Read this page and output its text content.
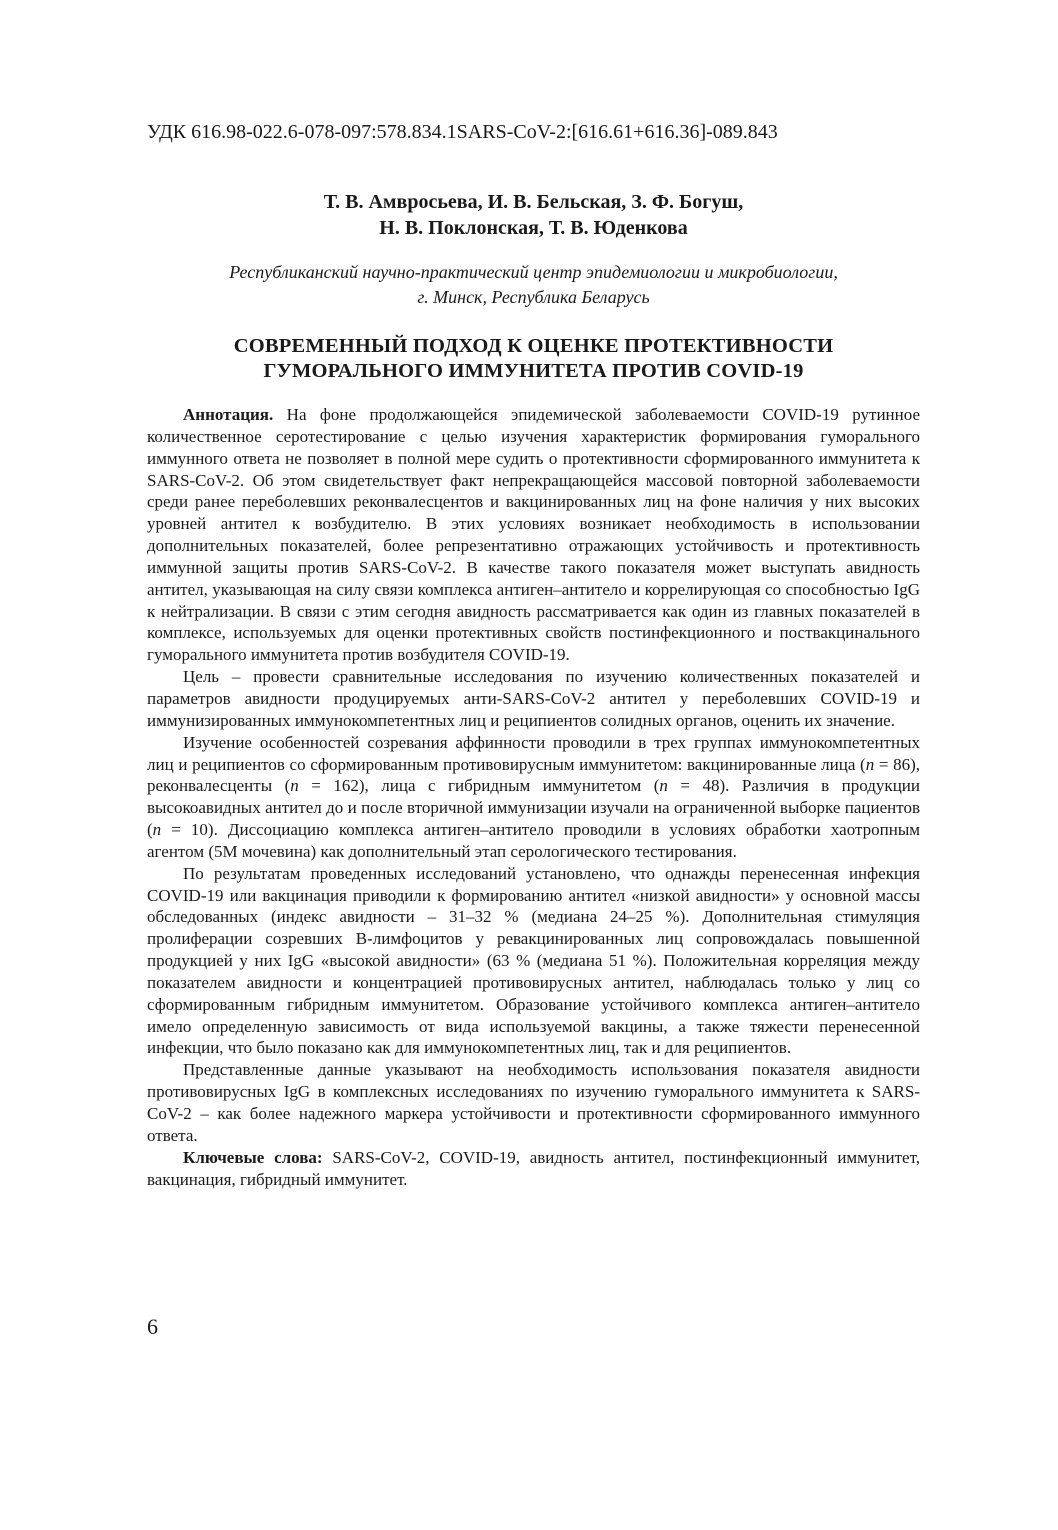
УДК 616.98-022.6-078-097:578.834.1SARS-CoV-2:[616.61+616.36]-089.843
Т. В. Амвросьева, И. В. Бельская, З. Ф. Богуш,
Н. В. Поклонская, Т. В. Юденкова
Республиканский научно-практический центр эпидемиологии и микробиологии,
г. Минск, Республика Беларусь
СОВРЕМЕННЫЙ ПОДХОД К ОЦЕНКЕ ПРОТЕКТИВНОСТИ
ГУМОРАЛЬНОГО ИММУНИТЕТА ПРОТИВ COVID-19

Аннотация. На фоне продолжающейся эпидемической заболеваемости COVID-19 рутинное количественное серотестирование с целью изучения характеристик формирования гуморального иммунного ответа не позволяет в полной мере судить о протективности сформированного иммунитета к SARS-CoV-2. Об этом свидетельствует факт непрекращающейся массовой повторной заболеваемости среди ранее переболевших реконвалесцентов и вакцинированных лиц на фоне наличия у них высоких уровней антител к возбудителю. В этих условиях возникает необходимость в использовании дополнительных показателей, более репрезентативно отражающих устойчивость и протективность иммунной защиты против SARS-CoV-2. В качестве такого показателя может выступать авидность антител, указывающая на силу связи комплекса антиген–антитело и коррелирующая со способностью IgG к нейтрализации. В связи с этим сегодня авидность рассматривается как один из главных показателей в комплексе, используемых для оценки протективных свойств постинфекционного и поствакцинального гуморального иммунитета против возбудителя COVID-19.

Цель – провести сравнительные исследования по изучению количественных показателей и параметров авидности продуцируемых анти-SARS-CoV-2 антител у переболевших COVID-19 и иммунизированных иммунокомпетентных лиц и реципиентов солидных органов, оценить их значение.

Изучение особенностей созревания аффинности проводили в трех группах иммунокомпетентных лиц и реципиентов со сформированным противовирусным иммунитетом: вакцинированные лица (n = 86), реконвалесценты (n = 162), лица с гибридным иммунитетом (n = 48). Различия в продукции высокоавидных антител до и после вторичной иммунизации изучали на ограниченной выборке пациентов (n = 10). Диссоциацию комплекса антиген–антитело проводили в условиях обработки хаотропным агентом (5М мочевина) как дополнительный этап серологического тестирования.

По результатам проведенных исследований установлено, что однажды перенесенная инфекция COVID-19 или вакцинация приводили к формированию антител «низкой авидности» у основной массы обследованных (индекс авидности – 31–32 % (медиана 24–25 %). Дополнительная стимуляция пролиферации созревших В-лимфоцитов у ревакцинированных лиц сопровождалась повышенной продукцией у них IgG «высокой авидности» (63 % (медиана 51 %). Положительная корреляция между показателем авидности и концентрацией противовирусных антител, наблюдалась только у лиц со сформированным гибридным иммунитетом. Образование устойчивого комплекса антиген–антитело имело определенную зависимость от вида используемой вакцины, а также тяжести перенесенной инфекции, что было показано как для иммунокомпетентных лиц, так и для реципиентов.

Представленные данные указывают на необходимость использования показателя авидности противовирусных IgG в комплексных исследованиях по изучению гуморального иммунитета к SARS-CoV-2 – как более надежного маркера устойчивости и протективности сформированного иммунного ответа.

Ключевые слова: SARS-CoV-2, COVID-19, авидность антител, постинфекционный иммунитет, вакцинация, гибридный иммунитет.

6
